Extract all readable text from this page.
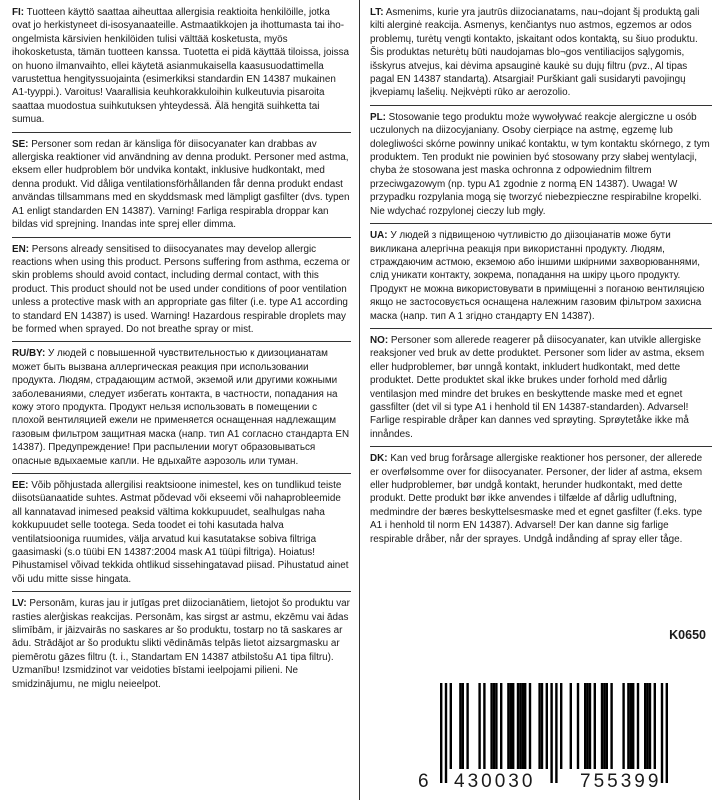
FI: Tuotteen käyttö saattaa aiheuttaa allergisia reaktioita henkilöille, jotka ovat jo herkistyneet di-isosyanaateille. Astmaatikkojen ja ihottumasta tai iho-ongelmista kärsivien henkilöiden tulisi välttää kosketusta, myös ihokosketusta, tämän tuotteen kanssa. Tuotetta ei pidä käyttää tiloissa, joissa on huono ilmanvaihto, ellei käytetä asianmukaisella kaasusuodattimella varustettua hengityssuojainta (esimerkiksi standardin EN 14387 mukainen A1-tyyppi.). Varoitus! Vaarallisia keuhkorakkuloihin kulkeutuvia pisaroita saattaa muodostua suihkutuksen yhteydessä. Älä hengitä suihketta tai sumua.
SE: Personer som redan är känsliga för diisocyanater kan drabbas av allergiska reaktioner vid användning av denna produkt. Personer med astma, eksem eller hudproblem bör undvika kontakt, inklusive hudkontakt, med denna produkt. Vid dåliga ventilationsförhållanden får denna produkt endast användas tillsammans med en skyddsmask med lämpligt gasfilter (dvs. typen A1 enligt standarden EN 14387). Varning! Farliga respirabla droppar kan bildas vid sprejning. Inandas inte sprej eller dimma.
EN: Persons already sensitised to diisocyanates may develop allergic reactions when using this product. Persons suffering from asthma, eczema or skin problems should avoid contact, including dermal contact, with this product. This product should not be used under conditions of poor ventilation unless a protective mask with an appropriate gas filter (i.e. type A1 according to standard EN 14387) is used. Warning! Hazardous respirable droplets may be formed when sprayed. Do not breathe spray or mist.
RU/BY: У людей с повышенной чувствительностью к диизоцианатам может быть вызвана аллергическая реакция при использовании продукта. Людям, страдающим астмой, экземой или другими кожными заболеваниями, следует избегать контакта, в частности, попадания на кожу этого продукта. Продукт нельзя использовать в помещении с плохой вентиляцией ежели не применяется оснащенная надлежащим газовым фильтром защитная маска (напр. тип A1 согласно стандарта EN 14387). Предупреждение! При распылении могут образовываться опасные вдыхаемые капли. Не вдыхайте аэрозоль или туман.
EE: Võib põhjustada allergilisi reaktsioone inimestel, kes on tundlikud teiste diisotsüanaatide suhtes. Astmat põdevad või ekseemi või nahaprobleemide all kannatavad inimesed peaksid vältima kokkupuudet, sealhulgas naha kokkupuudet selle tootega. Seda toodet ei tohi kasutada halva ventilatsiooniga ruumides, välja arvatud kui kasutatakse sobiva filtriga gaasimaski (s.o tüübi EN 14387:2004 mask A1 tüüpi filtriga). Hoiatus! Pihustamisel võivad tekkida ohtlikud sissehingatavad piisad. Pihustatud ainet või udu mitte sisse hingata.
LV: Personām, kuras jau ir jutīgas pret diizocianātiem, lietojot šo produktu var rasties alerģiskas reakcijas. Personām, kas sirgst ar astmu, ekzēmu vai ādas slimībām, ir jāizvairās no saskares ar šo produktu, tostarp no tā saskares ar ādu. Strādājot ar šo produktu slikti vēdināmās telpās lietot aizsargmasku ar piemērotu gāzes filtru (t. i., Standartam EN 14387 atbilstošu A1 tipa filtru). Uzmanību! Izsmidzinot var veidoties bīstami ieelpojami pilieni. Ne smidzinājumu, ne miglu neieelpot.
LT: Asmenims, kurie yra jautrūs diizocianatams, nau¬dojant šį produktą gali kilti alerginė reakcija. Asmenys, kenčiantys nuo astmos, egzemos ar odos problemų, turėtų vengti kontakto, įskaitant odos kontaktą, su šiuo produktu. Šis produktas neturėtų būti naudojamas blo¬gos ventiliacijos sąlygomis, išskyrus atvejus, kai dėvima apsauginė kaukė su dujų filtru (pvz., Al tipas pagal EN 14387 standartą). Atsargiai! Purškiant gali susidaryti pavojingų įkvepiamų lašelių. Neįkvėpti rūko ar aerozolio.
PL: Stosowanie tego produktu może wywoływać reakcje alergiczne u osób uczulonych na diizocyjaniany. Osoby cierpiące na astmę, egzemę lub dolegliwości skórne powinny unikać kontaktu, w tym kontaktu skórnego, z tym produktem. Ten produkt nie powinien być stosowany przy słabej wentylacji, chyba że stosowana jest maska ochronna z odpowiednim filtrem przeciwgazowym (np. typu A1 zgodnie z normą EN 14387). Uwaga! W przypadku rozpylania mogą się tworzyć niebezpieczne respirabilne kropelki. Nie wdychać rozpylonej cieczy lub mgły.
UA: У людей з підвищеною чутливістю до діізоціанатів може бути викликана алергічна реакція при використанні продукту. Людям, страждаючим астмою, екземою або іншими шкірними захворюваннями, слід уникати контакту, зокрема, попадання на шкіру цього продукту. Продукт не можна використовувати в приміщенні з поганою вентиляцією якщо не застосовується оснащена належним газовим фільтром захисна маска (напр. тип A 1 згідно стандарту EN 14387).
NO: Personer som allerede reagerer på diisocyanater, kan utvikle allergiske reaksjoner ved bruk av dette produktet. Personer som lider av astma, eksem eller hudproblemer, bør unngå kontakt, inkludert hudkontakt, med dette produktet. Dette produktet skal ikke brukes under forhold med dårlig ventilasjon med mindre det brukes en beskyttende maske med et egnet gassfilter (det vil si type A1 i henhold til EN 14387-standarden). Advarsel! Farlige respirable dråper kan dannes ved sprøyting. Sprøytetåke ikke må innåndes.
DK: Kan ved brug forårsage allergiske reaktioner hos personer, der allerede er overfølsomme over for diisocyanater. Personer, der lider af astma, eksem eller hudproblemer, bør undgå kontakt, herunder hudkontakt, med dette produkt. Dette produkt bør ikke anvendes i tilfælde af dårlig udluftning, medmindre der bæres beskyttelsesmaske med et egnet gasfilter (f.eks. type A1 i henhold til norm EN 14387). Advarsel! Der kan danne sig farlige respirable dråber, når der sprayes. Undgå indånding af spray eller tåge.
K0650
6 430030 755399
